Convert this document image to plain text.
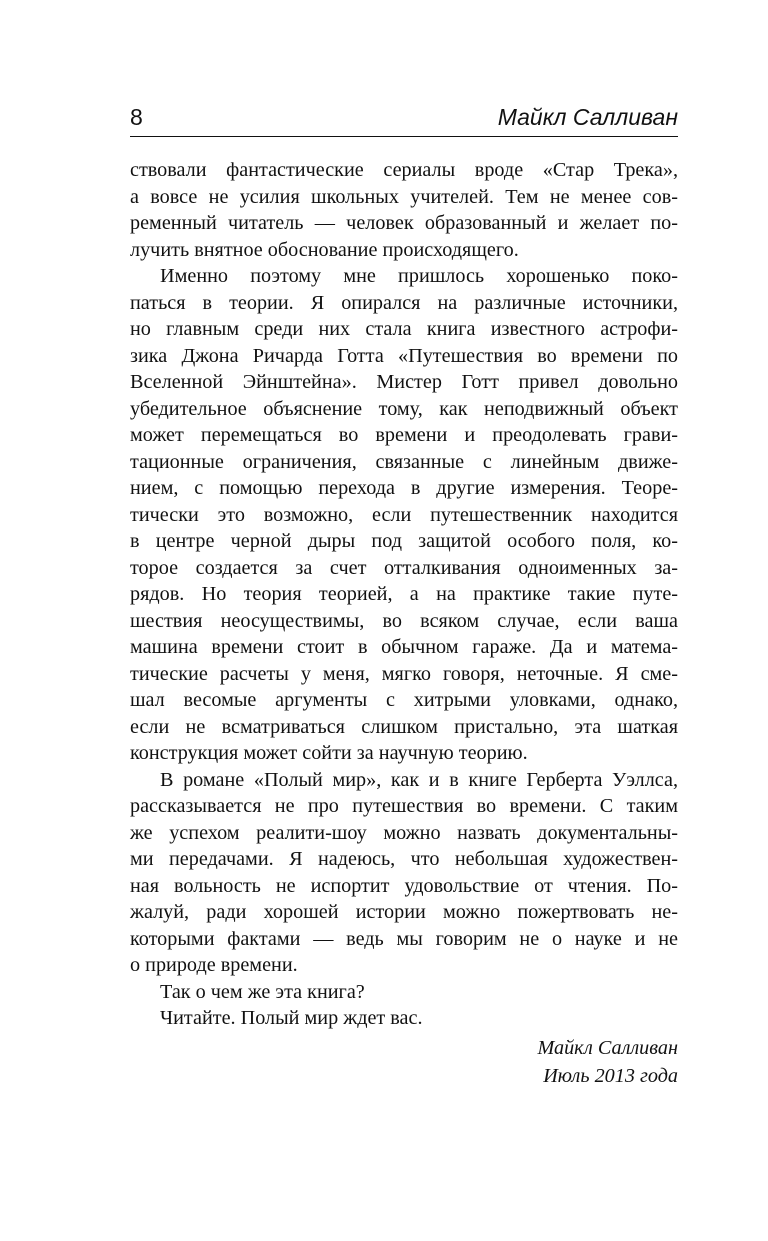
8	Майкл Салливан

ствовали фантастические сериалы вроде «Стар Трека»,
а вовсе не усилия школьных учителей. Тем не менее сов-
ременный читатель — человек образованный и желает по-
лучить внятное обоснование происходящего.

Именно поэтому мне пришлось хорошенько поко-
паться в теории. Я опирался на различные источники,
но главным среди них стала книга известного астрофи-
зика Джона Ричарда Готта «Путешествия во времени по
Вселенной Эйнштейна». Мистер Готт привел довольно
убедительное объяснение тому, как неподвижный объект
может перемещаться во времени и преодолевать грави-
тационные ограничения, связанные с линейным движе-
нием, с помощью перехода в другие измерения. Теоре-
тически это возможно, если путешественник находится
в центре черной дыры под защитой особого поля, ко-
торое создается за счет отталкивания одноименных за-
рядов. Но теория теорией, а на практике такие путе-
шествия неосуществимы, во всяком случае, если ваша
машина времени стоит в обычном гараже. Да и матема-
тические расчеты у меня, мягко говоря, неточные. Я сме-
шал весомые аргументы с хитрыми уловками, однако,
если не всматриваться слишком пристально, эта шаткая
конструкция может сойти за научную теорию.

В романе «Полый мир», как и в книге Герберта Уэллса,
рассказывается не про путешествия во времени. С таким
же успехом реалити-шоу можно назвать документальны-
ми передачами. Я надеюсь, что небольшая художествен-
ная вольность не испортит удовольствие от чтения. По-
жалуй, ради хорошей истории можно пожертвовать не-
которыми фактами — ведь мы говорим не о науке и не
о природе времени.

Так о чем же эта книга?

Читайте. Полый мир ждет вас.

Майкл Салливан
Июль 2013 года
